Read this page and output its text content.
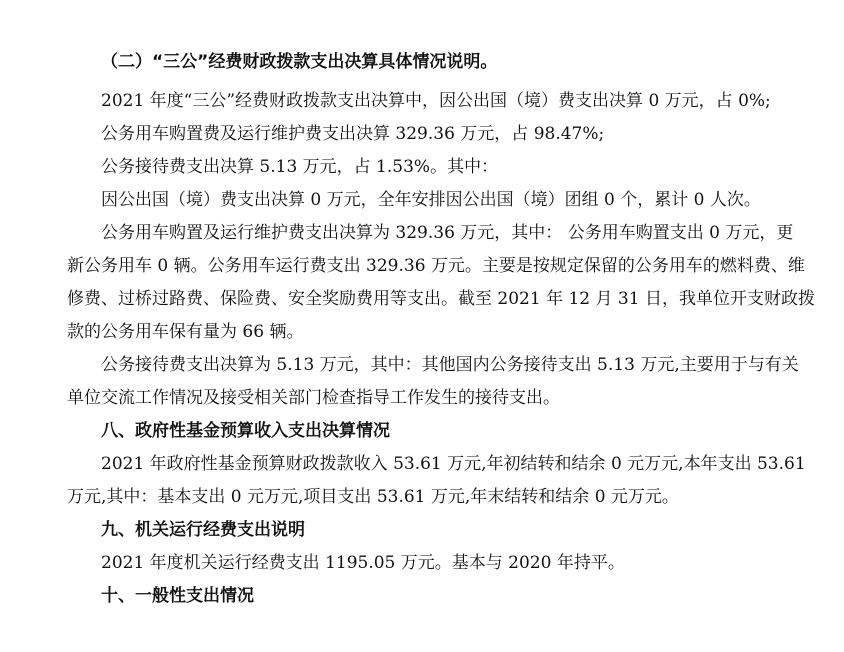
（二）“三公”经费财政拨款支出决算具体情况说明。
2021 年度“三公”经费财政拨款支出决算中，因公出国（境）费支出决算 0 万元，占 0%;
公务用车购置费及运行维护费支出决算 329.36 万元，占 98.47%;
公务接待费支出决算 5.13 万元，占 1.53%。其中：
因公出国（境）费支出决算 0 万元，全年安排因公出国（境）团组 0 个，累计 0 人次。
公务用车购置及运行维护费支出决算为 329.36 万元，其中： 公务用车购置支出 0 万元，更
新公务用车 0 辆。公务用车运行费支出 329.36 万元。主要是按规定保留的公务用车的燃料费、维
修费、过桥过路费、保险费、安全奖励费用等支出。截至 2021 年 12 月 31 日，我单位开支财政拨
款的公务用车保有量为 66 辆。
公务接待费支出决算为 5.13 万元，其中：其他国内公务接待支出 5.13 万元,主要用于与有关
单位交流工作情况及接受相关部门检查指导工作发生的接待支出。
八、政府性基金预算收入支出决算情况
2021 年政府性基金预算财政拨款收入 53.61 万元,年初结转和结余 0 元万元,本年支出 53.61
万元,其中：基本支出 0 元万元,项目支出 53.61 万元,年末结转和结余 0 元万元。
九、机关运行经费支出说明
2021 年度机关运行经费支出 1195.05 万元。基本与 2020 年持平。
十、一般性支出情况
